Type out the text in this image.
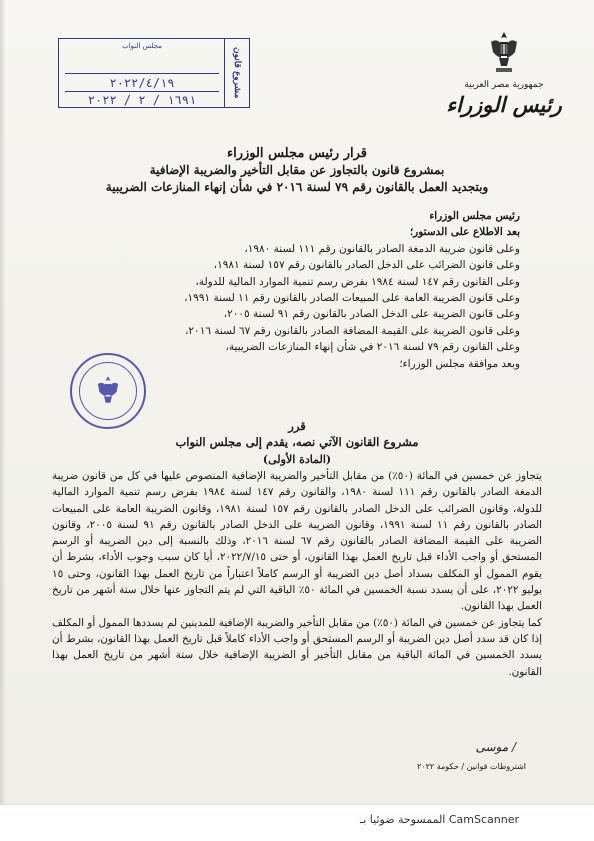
مجلس النواب
٢٠٢٢/٤/١٩
١٦٩١ / ٢ / ٢٠٢٢
مشروع قانون	جمهورية مصر العربية
رئيس الوزراء
قرار رئيس مجلس الوزراء
بمشروع قانون بالتجاوز عن مقابل التأخير والضريبة الإضافية
وبتجديد العمل بالقانون رقم ٧٩ لسنة ٢٠١٦ في شأن إنهاء المنازعات الضريبية
رئيس مجلس الوزراء
بعد الاطلاع على الدستور؛
وعلى قانون ضريبة الدمغة الصادر بالقانون رقم ١١١ لسنة ١٩٨٠،
وعلى قانون الضرائب على الدخل الصادر بالقانون رقم ١٥٧ لسنة ١٩٨١،
وعلى القانون رقم ١٤٧ لسنة ١٩٨٤ بفرض رسم تنمية الموارد المالية للدولة،
وعلى قانون الضريبة العامة على المبيعات الصادر بالقانون رقم ١١ لسنة ١٩٩١،
وعلى قانون الضريبة على الدخل الصادر بالقانون رقم ٩١ لسنة ٢٠٠٥،
وعلى قانون الضريبة على القيمة المضافة الصادر بالقانون رقم ٦٧ لسنة ٢٠١٦،
وعلى القانون رقم ٧٩ لسنة ٢٠١٦ في شأن إنهاء المنازعات الضريبية،
وبعد موافقة مجلس الوزراء؛
قرر
مشروع القانون الآتي نصه، يقدم إلى مجلس النواب
(المادة الأولى)

يتجاوز عن خمسين في المائة (٥٠٪) من مقابل التأخير والضريبة الإضافية المنصوص عليها في كل من قانون ضريبة الدمغة الصادر بالقانون رقم ١١١ لسنة ١٩٨٠، والقانون رقم ١٤٧ لسنة ١٩٨٤ بفرض رسم تنمية الموارد المالية للدولة، وقانون الضرائب على الدخل الصادر بالقانون رقم ١٥٧ لسنة ١٩٨١، وقانون الضريبة العامة على المبيعات الصادر بالقانون رقم ١١ لسنة ١٩٩١، وقانون الضريبة على الدخل الصادر بالقانون رقم ٩١ لسنة ٢٠٠٥، وقانون الضريبة على القيمة المضافة الصادر بالقانون رقم ٦٧ لسنة ٢٠١٦، وذلك بالنسبة إلى دين الضريبة أو الرسم المستحق أو واجب الأداء قبل تاريخ العمل بهذا القانون، أو حتى ٢٠٢٢/٧/١٥، أيا كان سبب وجوب الأداء، بشرط أن يقوم الممول أو المكلف بسداد أصل دين الضريبة أو الرسم كاملاً اعتباراً من تاريخ العمل بهذا القانون، وحتى ١٥ يوليو ٢٠٢٢، على أن يسدد نسبة الخمسين في المائة ٥٠٪ الباقية التي لم يتم التجاوز عنها خلال ستة أشهر من تاريخ العمل بهذا القانون.

كما يتجاوز عن خمسين في المائة (٥٠٪) من مقابل التأخير والضريبة الإضافية للمدينين لم يسددها الممول أو المكلف إذا كان قد سدد أصل دين الضريبة أو الرسم المستحق أو واجب الأداء كاملاً قبل تاريخ العمل بهذا القانون، بشرط أن يسدد الخمسين في المائة الباقية من مقابل التأخير أو الضريبة الإضافية خلال ستة أشهر من تاريخ العمل بهذا القانون.

/ موسى
اشتروطات قوانين / حكومة ٢٠٢٢
الممسوحة ضوئيا بـ CamScanner
